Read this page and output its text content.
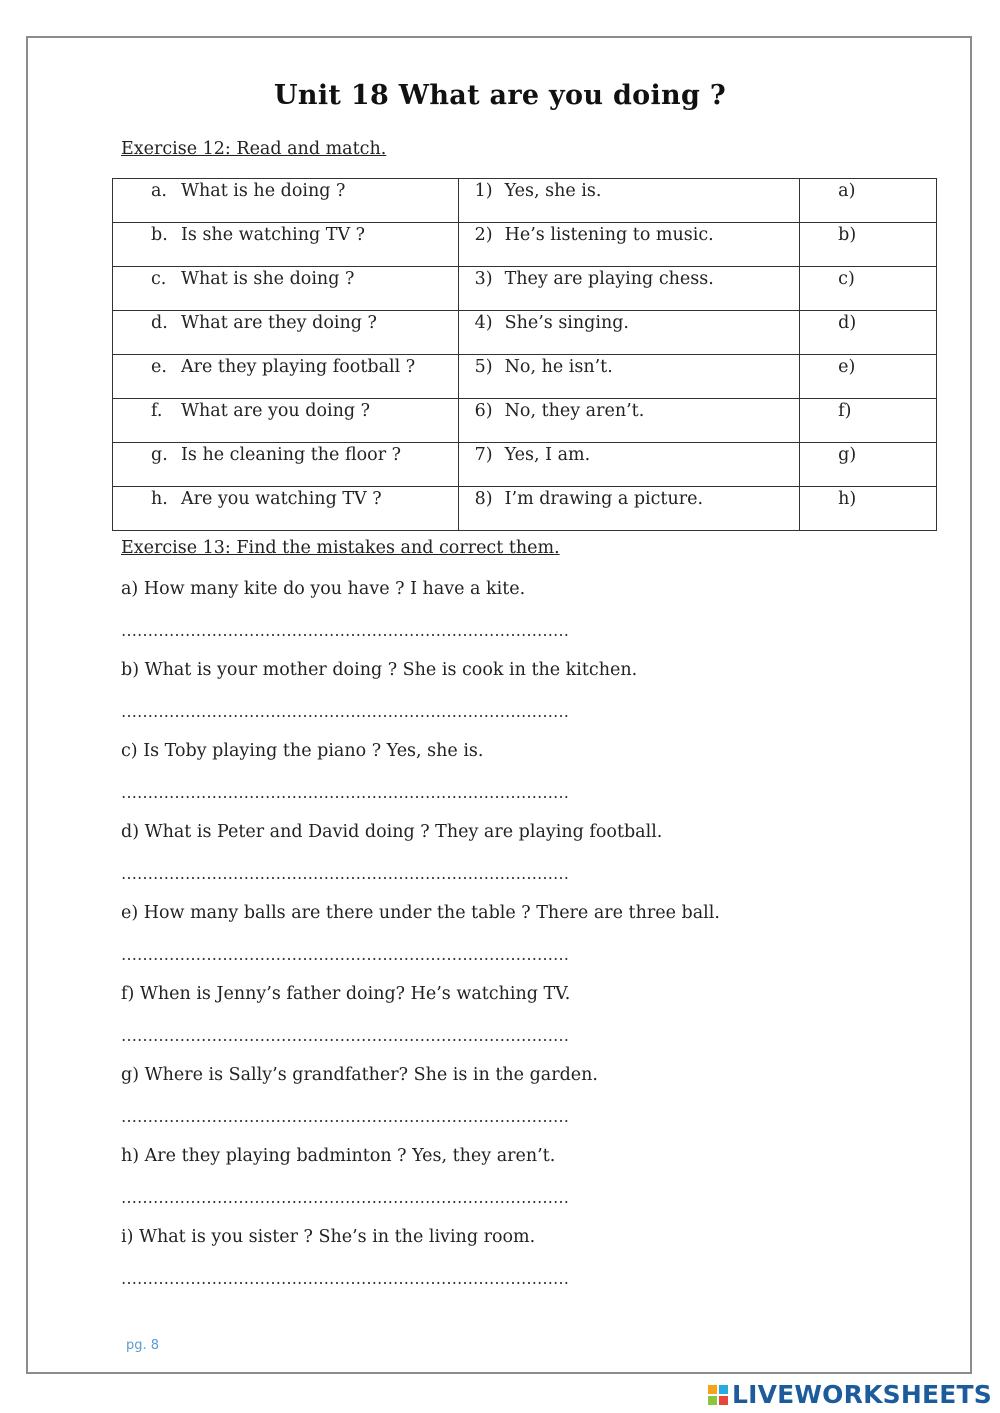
Unit 18 What are you doing ?
Exercise 12: Read and match.
a. What is he doing ?	1) Yes, she is.	a)

b. Is she watching TV ?	2) He’s listening to music.	b)

c. What is she doing ?	3) They are playing chess.	c)

d. What are they doing ?	4) She’s singing.	d)

e. Are they playing football ?	5) No, he isn’t.	e)

f. What are you doing ?	6) No, they aren’t.	f)

g. Is he cleaning the floor ?	7) Yes, I am.	g)

h. Are you watching TV ?	8) I’m drawing a picture.	h)
Exercise 13: Find the mistakes and correct them.
a) How many kite do you have ? I have a kite.
…………………………………………………………………………
b) What is your mother doing ? She is cook in the kitchen.
…………………………………………………………………………
c) Is Toby playing the piano ? Yes, she is.
…………………………………………………………………………
d) What is Peter and David doing ? They are playing football.
…………………………………………………………………………
e) How many balls are there under the table ? There are three ball.
…………………………………………………………………………
f) When is Jenny’s father doing? He’s watching TV.
…………………………………………………………………………
g) Where is Sally’s grandfather? She is in the garden.
…………………………………………………………………………
h) Are they playing badminton ? Yes, they aren’t.
…………………………………………………………………………
i) What is you sister ? She’s in the living room.
…………………………………………………………………………
pg. 8
LIVEWORKSHEETS
